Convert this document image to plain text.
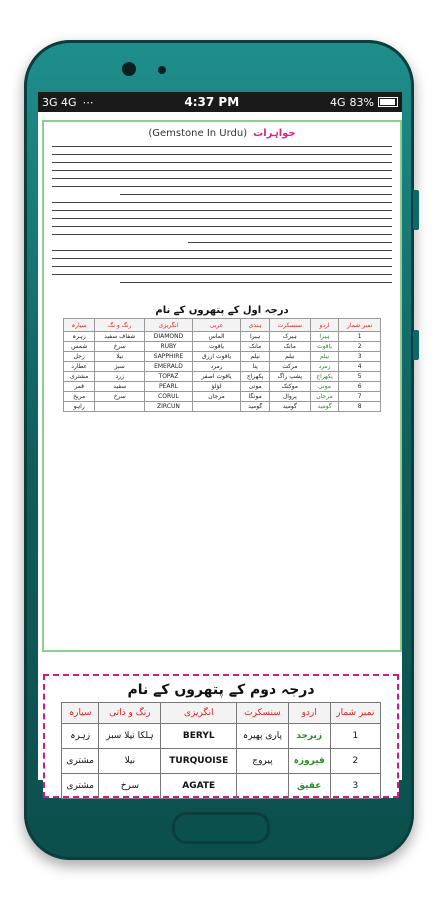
3G 4G ⋯	4:37 PM	4G 83%
(Gemstone In Urdu) جواہرات
درجہ اول کے پتھروں کے نام
سیارہ	رنگ و نگ	انگریزی	عربی	ہندی	سنسکرت	اردو	نمبر شمار
زہرہ	شفاف سفید	DIAMOND	الماس	ہیرا	ہیرک	ہیرا	1
شمس	سرخ	RUBY	یاقوت	مانک	مانک	یاقوت	2
زحل	نیلا	SAPPHIRE	یاقوت ازرق	نیلم	نیلم	نیلم	3
عطارد	سبز	EMERALD	زمرد	پنا	مرکت	زمرد	4
مشتری	زرد	TOPAZ	یاقوت اصفر	پکھراج	پشپ راگ	پکھراج	5
قمر	سفید	PEARL	لؤلؤ	موتی	موکتک	موتی	6
مریخ	سرخ	CORUL	مرجان	مونگا	پروال	مرجان	7
راہو		ZIRCUN		گومید	گومید	گومید	8
درجہ دوم کے پتھروں کے نام
سیارہ	رنگ و ذاتی	انگریزی	سنسکرت	اردو	نمبر شمار
زہرہ	ہلکا نیلا سبز	BERYL	پاری پھیرہ	زبرجد	1
مشتری	نیلا	TURQUOISE	پیروج	فیروزہ	2
مشتری	سرخ	AGATE		عقیق	3
